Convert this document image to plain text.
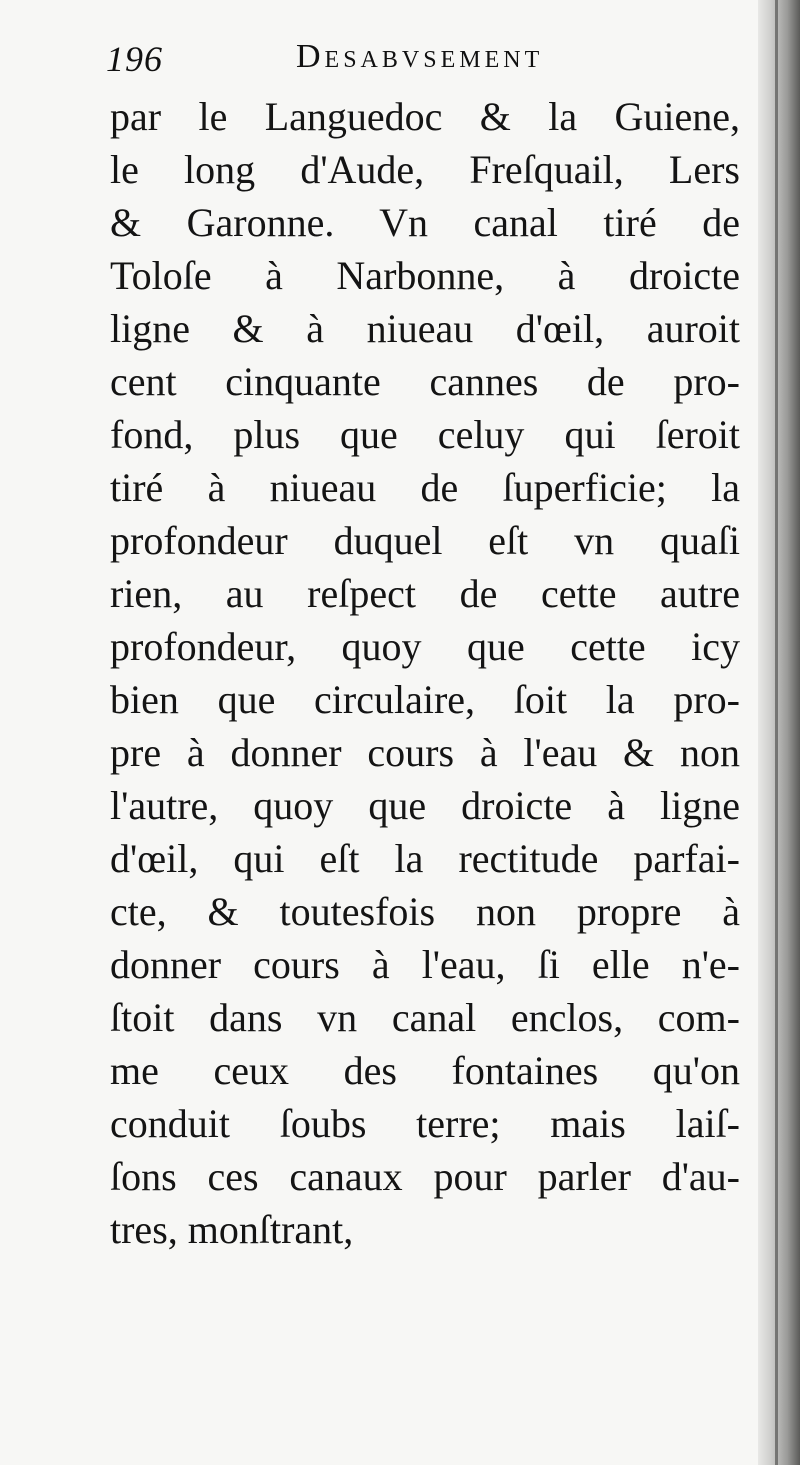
196	Desabvsement
par le Languedoc & la Guiene,
le long d'Aude, Freſquail, Lers
& Garonne. Vn canal tiré de
Toloſe à Narbonne, à droicte
ligne & à niueau d'œil, auroit
cent cinquante cannes de pro-
fond, plus que celuy qui ſeroit
tiré à niueau de ſuperficie; la
profondeur duquel eſt vn quaſi
rien, au reſpect de cette autre
profondeur, quoy que cette icy
bien que circulaire, ſoit la pro-
pre à donner cours à l'eau & non
l'autre, quoy que droicte à ligne
d'œil, qui eſt la rectitude parfai-
cte, & toutesfois non propre à
donner cours à l'eau, ſi elle n'e-
ſtoit dans vn canal enclos, com-
me ceux des fontaines qu'on
conduit ſoubs terre; mais laiſ-
ſons ces canaux pour parler d'au-
tres, monſtrant,
